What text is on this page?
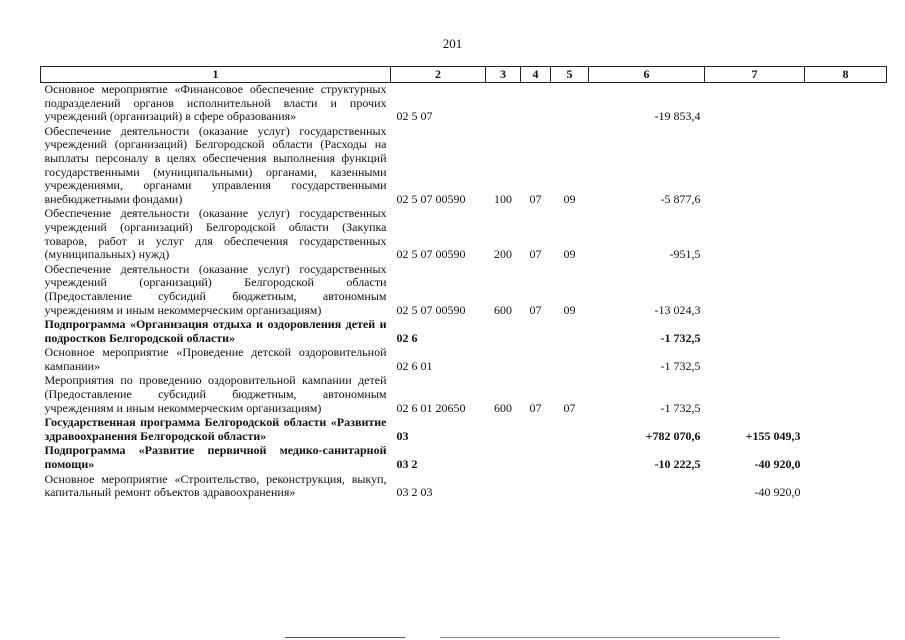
201
1	2	3	4	5	6	7	8
Основное мероприятие «Финансовое обеспечение структурных подразделений органов исполнительной власти и прочих учреждений (организаций) в сфере образования»	02 5 07				-19 853,4		
Обеспечение деятельности (оказание услуг) государственных учреждений (организаций) Белгородской области (Расходы на выплаты персоналу в целях обеспечения выполнения функций государственными (муниципальными) органами, казенными учреждениями, органами управления государственными внебюджетными фондами)	02 5 07 00590	100	07	09	-5 877,6		
Обеспечение деятельности (оказание услуг) государственных учреждений (организаций) Белгородской области (Закупка товаров, работ и услуг для обеспечения государственных (муниципальных) нужд)	02 5 07 00590	200	07	09	-951,5		
Обеспечение деятельности (оказание услуг) государственных учреждений (организаций) Белгородской области (Предоставление субсидий бюджетным, автономным учреждениям и иным некоммерческим организациям)	02 5 07 00590	600	07	09	-13 024,3		
Подпрограмма «Организация отдыха и оздоровления детей и подростков Белгородской области»	02 6				-1 732,5		
Основное мероприятие «Проведение детской оздоровительной кампании»	02 6 01				-1 732,5		
Мероприятия по проведению оздоровительной кампании детей (Предоставление субсидий бюджетным, автономным учреждениям и иным некоммерческим организациям)	02 6 01 20650	600	07	07	-1 732,5		
Государственная программа Белгородской области «Развитие здравоохранения Белгородской области»	03				+782 070,6	+155 049,3	
Подпрограмма «Развитие первичной медико-санитарной помощи»	03 2				-10 222,5	-40 920,0	
Основное мероприятие «Строительство, реконструкция, выкуп, капитальный ремонт объектов здравоохранения»	03 2 03					-40 920,0	
